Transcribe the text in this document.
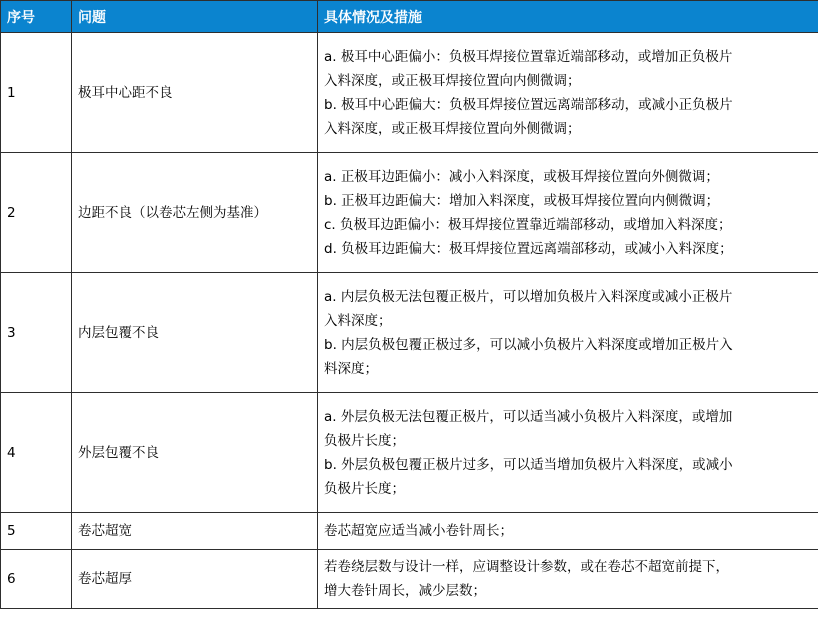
序号	问题	具体情况及措施
1	极耳中心距不良	a. 极耳中心距偏小：负极耳焊接位置靠近端部移动，或增加正负极片
入料深度，或正极耳焊接位置向内侧微调；
b. 极耳中心距偏大：负极耳焊接位置远离端部移动，或减小正负极片
入料深度，或正极耳焊接位置向外侧微调；

2	边距不良（以卷芯左侧为基准）	a. 正极耳边距偏小：减小入料深度，或极耳焊接位置向外侧微调；
b. 正极耳边距偏大：增加入料深度，或极耳焊接位置向内侧微调；
c. 负极耳边距偏小：极耳焊接位置靠近端部移动，或增加入料深度；
d. 负极耳边距偏大：极耳焊接位置远离端部移动，或减小入料深度；

3	内层包覆不良	a. 内层负极无法包覆正极片，可以增加负极片入料深度或减小正极片
入料深度；
b. 内层负极包覆正极过多，可以减小负极片入料深度或增加正极片入
料深度；

4	外层包覆不良	a. 外层负极无法包覆正极片，可以适当减小负极片入料深度，或增加
负极片长度；
b. 外层负极包覆正极片过多，可以适当增加负极片入料深度，或减小
负极片长度；

5	卷芯超宽	卷芯超宽应适当减小卷针周长；

6	卷芯超厚	若卷绕层数与设计一样，应调整设计参数，或在卷芯不超宽前提下，
增大卷针周长，减少层数；
